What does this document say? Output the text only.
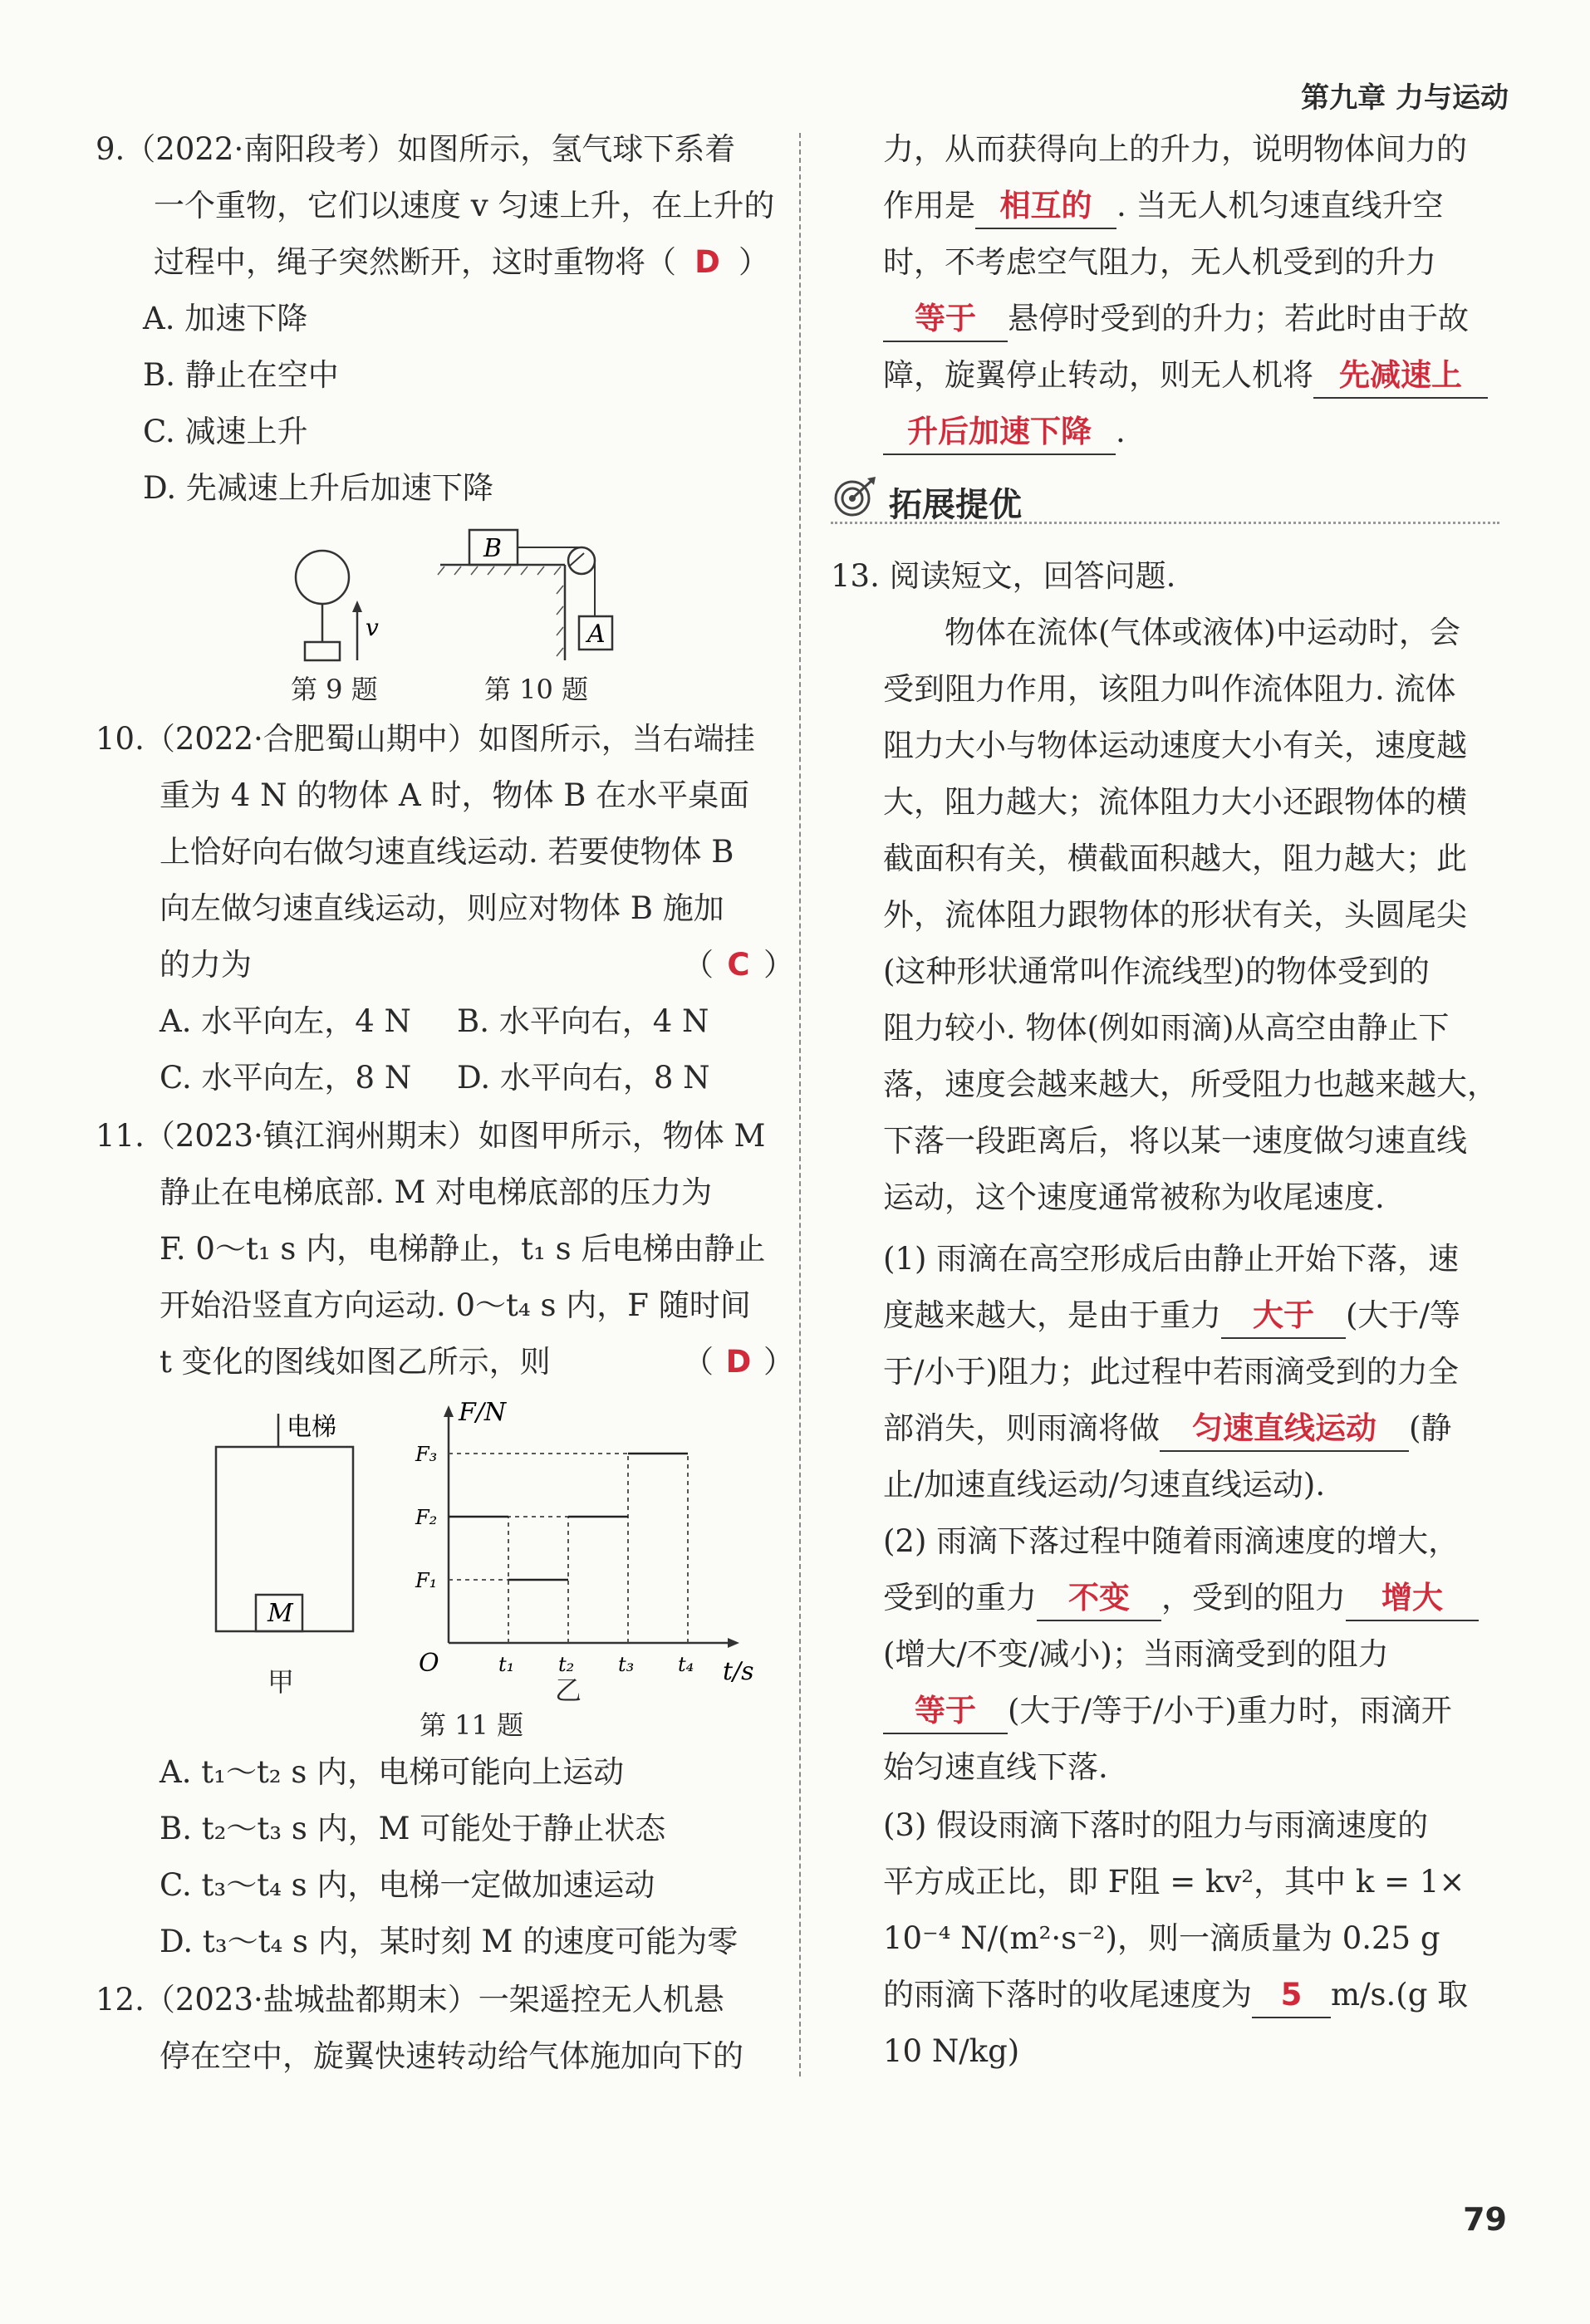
第九章 力与运动
9.（2022·南阳段考）如图所示，氢气球下系着
一个重物，它们以速度 v 匀速上升，在上升的
过程中，绳子突然断开，这时重物将（ D ）
A. 加速下降
B. 静止在空中
C. 减速上升
D. 先减速上升后加速下降
v
第 9 题
B
A
第 10 题
10.（2022·合肥蜀山期中）如图所示，当右端挂
重为 4 N 的物体 A 时，物体 B 在水平桌面
上恰好向右做匀速直线运动. 若要使物体 B
向左做匀速直线运动，则应对物体 B 施加
的力为	（ C ）
A. 水平向左，4 N B. 水平向右，4 N
C. 水平向左，8 N D. 水平向右，8 N
11.（2023·镇江润州期末）如图甲所示，物体 M
静止在电梯底部. M 对电梯底部的压力为
F. 0～t₁ s 内，电梯静止，t₁ s 后电梯由静止
开始沿竖直方向运动. 0～t₄ s 内，F 随时间
t 变化的图线如图乙所示，则	（ D ）
电梯
M
甲
F/N
t/s
O	t₁ t₂ t₃ t₄
F₁
F₂
F₃
乙
第 11 题
A. t₁～t₂ s 内，电梯可能向上运动
B. t₂～t₃ s 内，M 可能处于静止状态
C. t₃～t₄ s 内，电梯一定做加速运动
D. t₃～t₄ s 内，某时刻 M 的速度可能为零
12.（2023·盐城盐都期末）一架遥控无人机悬
停在空中，旋翼快速转动给气体施加向下的
力，从而获得向上的升力，说明物体间力的
作用是 相互的 . 当无人机匀速直线升空
时，不考虑空气阻力，无人机受到的升力
等于 悬停时受到的升力；若此时由于故
障，旋翼停止转动，则无人机将 先减速上
升后加速下降 .
拓展提优
13. 阅读短文，回答问题.
　　物体在流体(气体或液体)中运动时，会
受到阻力作用，该阻力叫作流体阻力. 流体
阻力大小与物体运动速度大小有关，速度越
大，阻力越大；流体阻力大小还跟物体的横
截面积有关，横截面积越大，阻力越大；此
外，流体阻力跟物体的形状有关，头圆尾尖
(这种形状通常叫作流线型)的物体受到的
阻力较小. 物体(例如雨滴)从高空由静止下
落，速度会越来越大，所受阻力也越来越大，
下落一段距离后，将以某一速度做匀速直线
运动，这个速度通常被称为收尾速度.
(1) 雨滴在高空形成后由静止开始下落，速
度越来越大，是由于重力 大于 (大于/等
于/小于)阻力；此过程中若雨滴受到的力全
部消失，则雨滴将做 匀速直线运动 (静
止/加速直线运动/匀速直线运动).
(2) 雨滴下落过程中随着雨滴速度的增大，
受到的重力 不变 ，受到的阻力 增大
(增大/不变/减小)；当雨滴受到的阻力
等于 (大于/等于/小于)重力时，雨滴开
始匀速直线下落.
(3) 假设雨滴下落时的阻力与雨滴速度的
平方成正比，即 F阻 = kv²，其中 k = 1×
10⁻⁴ N/(m²·s⁻²)，则一滴质量为 0.25 g
的雨滴下落时的收尾速度为 5 m/s.(g 取
10 N/kg)
79
